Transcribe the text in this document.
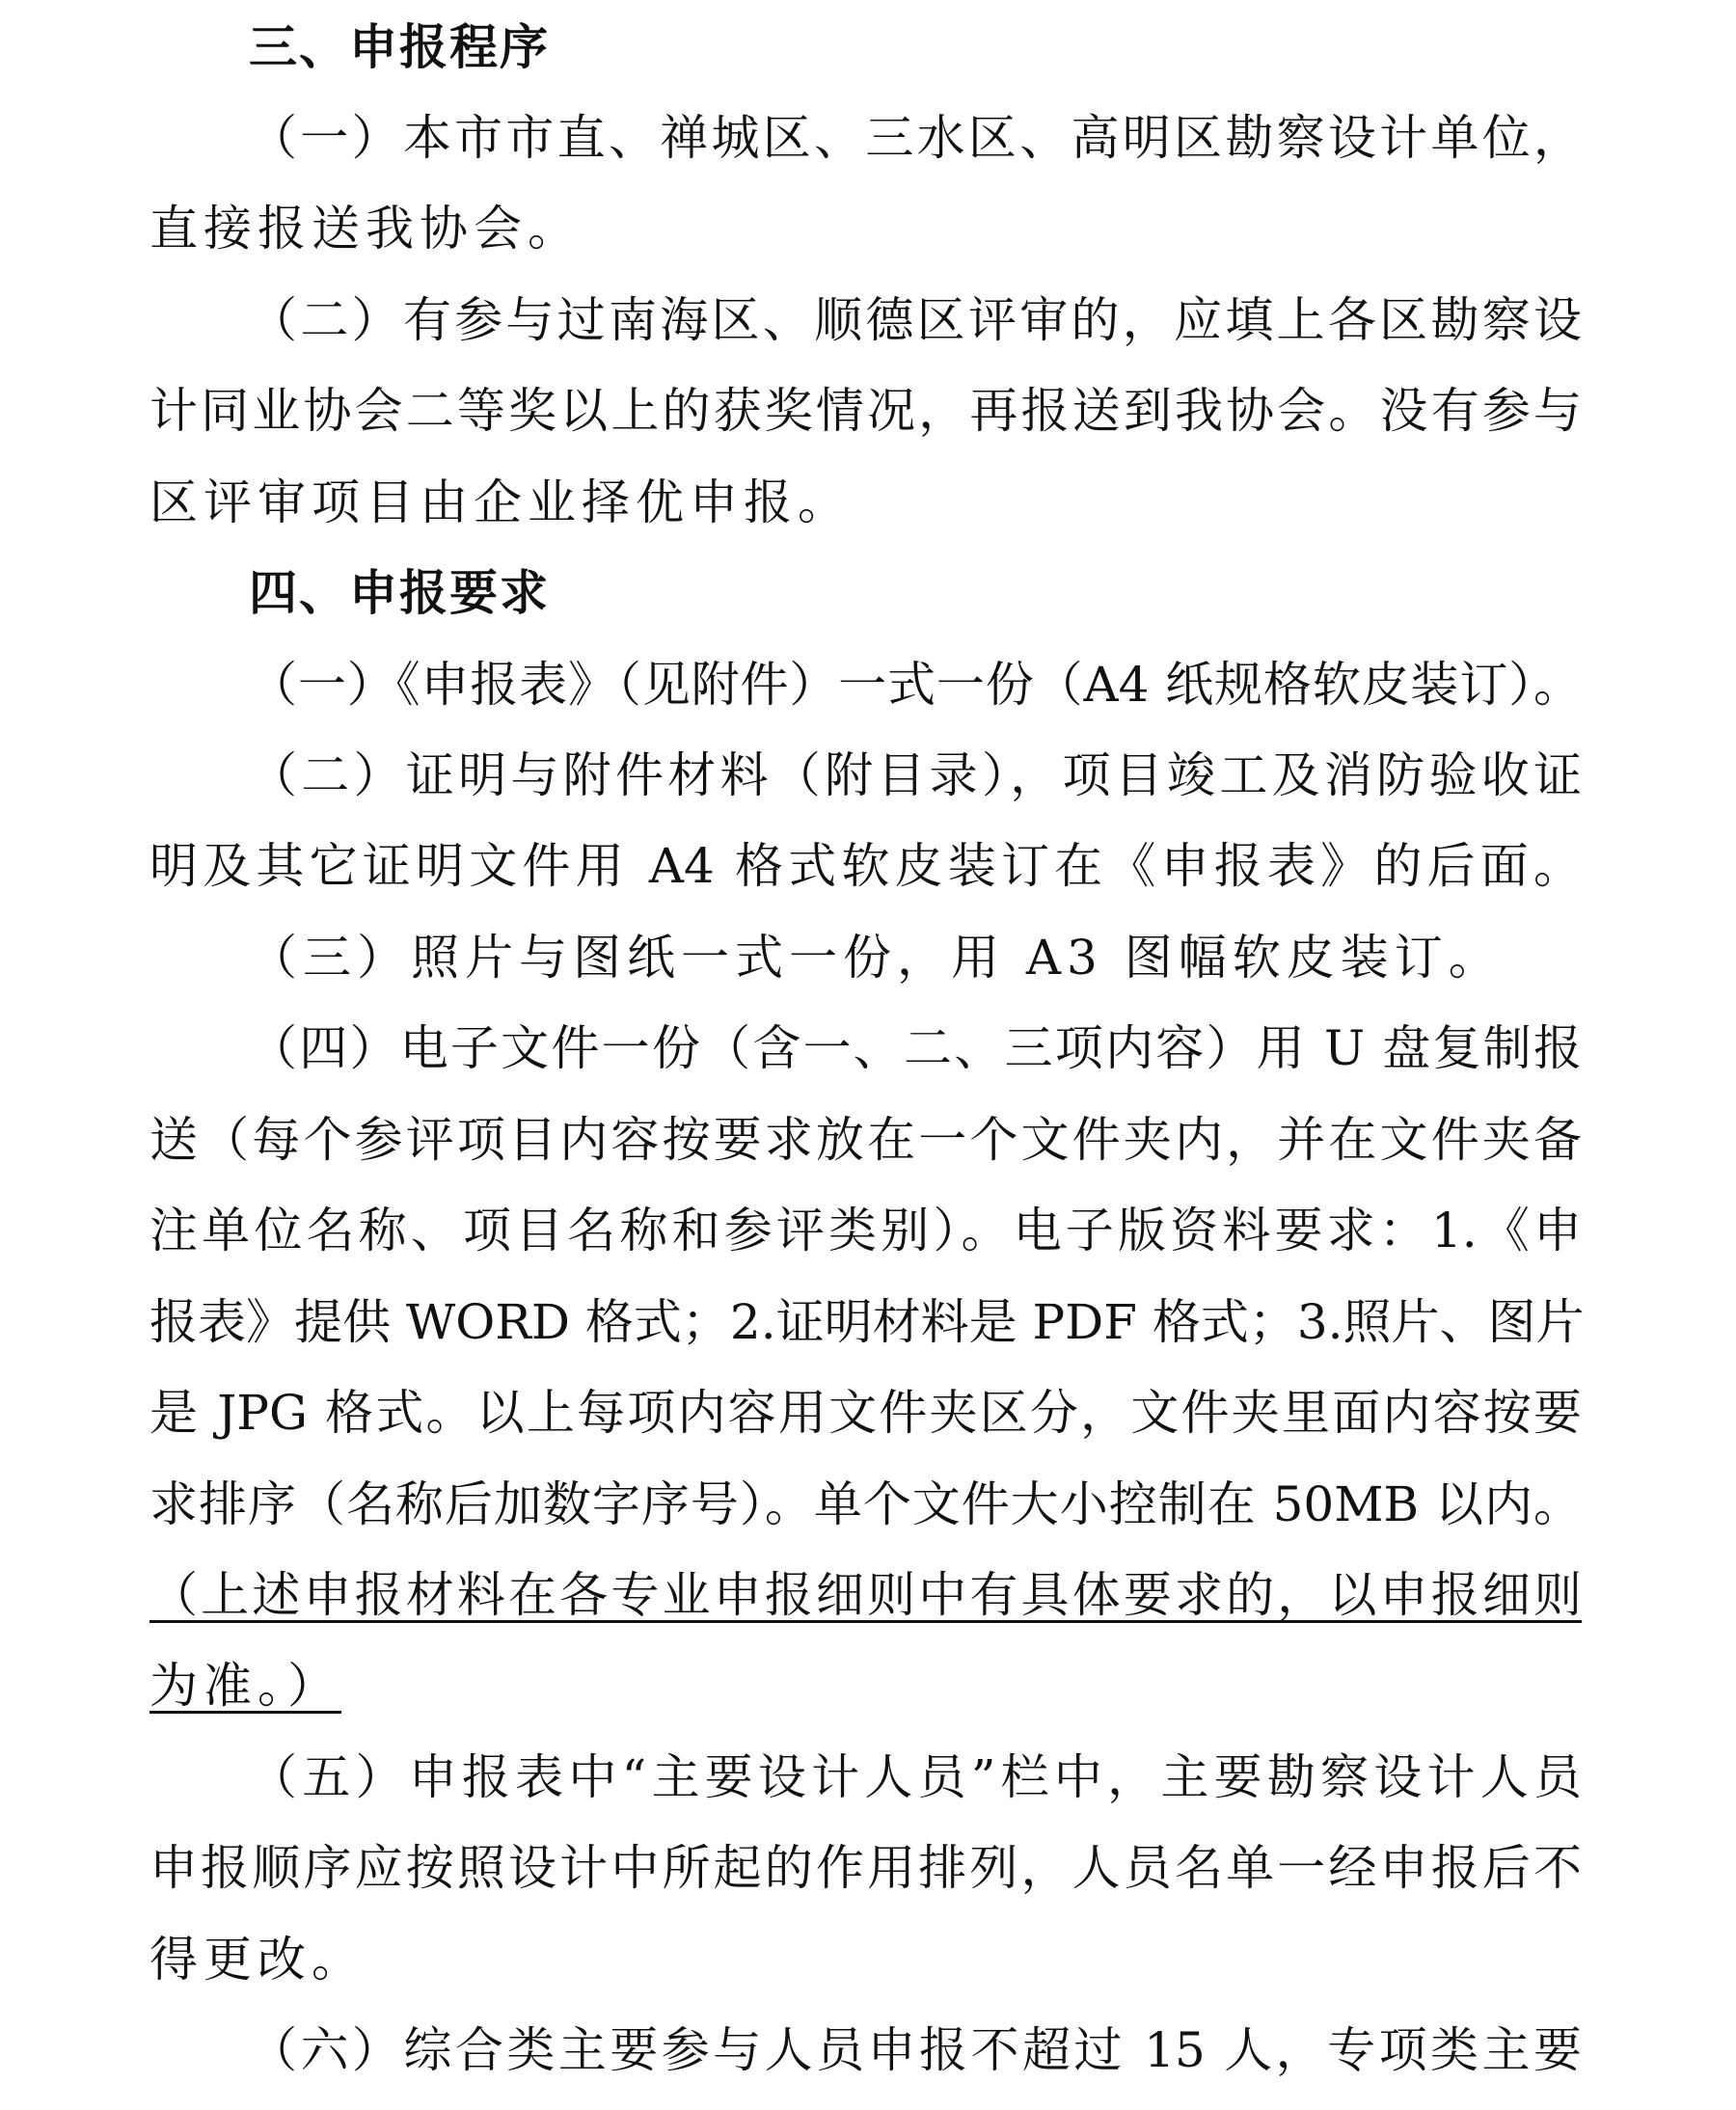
三、申报程序
（一）本市市直、禅城区、三水区、高明区勘察设计单位，
直接报送我协会。
（二）有参与过南海区、顺德区评审的，应填上各区勘察设
计同业协会二等奖以上的获奖情况，再报送到我协会。没有参与
区评审项目由企业择优申报。
四、申报要求
（一）《申报表》（见附件）一式一份（A4 纸规格软皮装订）。
（二）证明与附件材料（附目录），项目竣工及消防验收证
明及其它证明文件用 A4 格式软皮装订在《申报表》的后面。
（三）照片与图纸一式一份，用 A3 图幅软皮装订。
（四）电子文件一份（含一、二、三项内容）用 U 盘复制报
送（每个参评项目内容按要求放在一个文件夹内，并在文件夹备
注单位名称、项目名称和参评类别）。电子版资料要求：1.《申
报表》提供 WORD 格式；2.证明材料是 PDF 格式；3.照片、图片
是 JPG 格式。以上每项内容用文件夹区分，文件夹里面内容按要
求排序（名称后加数字序号）。单个文件大小控制在 50MB 以内。
（上述申报材料在各专业申报细则中有具体要求的，以申报细则
为准。）
（五）申报表中“主要设计人员”栏中，主要勘察设计人员
申报顺序应按照设计中所起的作用排列，人员名单一经申报后不
得更改。
（六）综合类主要参与人员申报不超过 15 人，专项类主要
